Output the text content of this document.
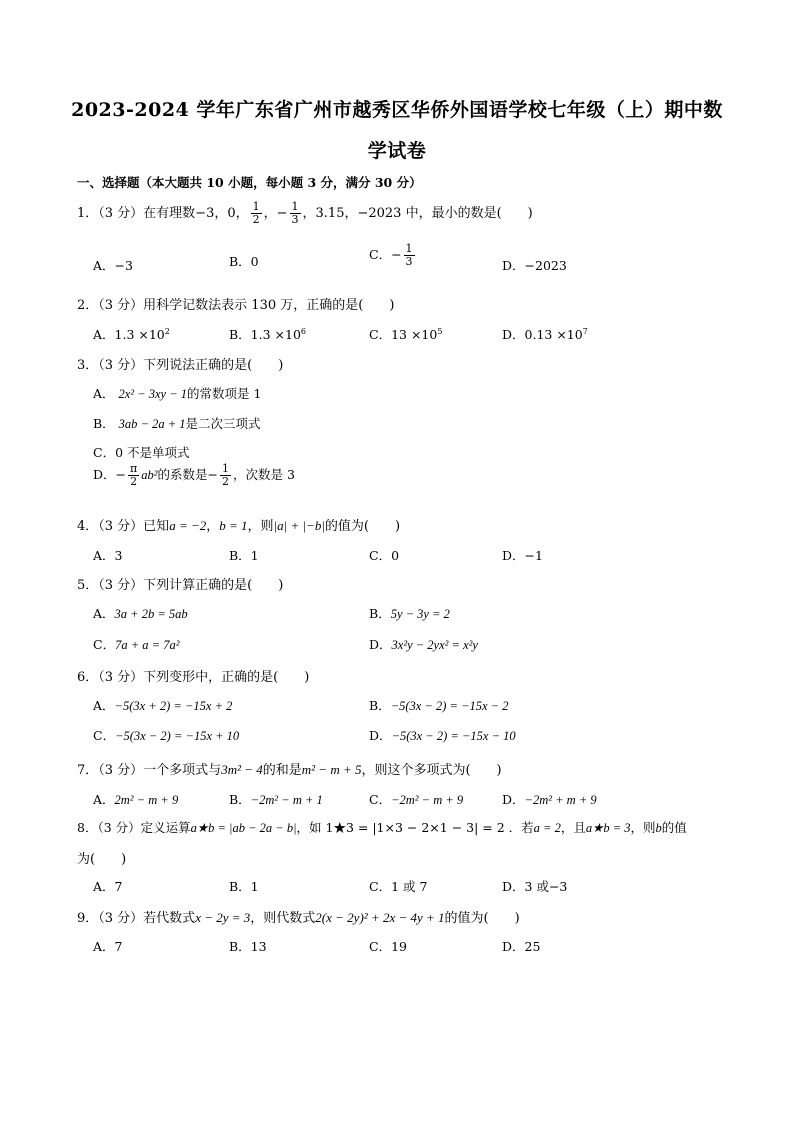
2023-2024 学年广东省广州市越秀区华侨外国语学校七年级（上）期中数
学试卷
一、选择题（本大题共 10 小题，每小题 3 分，满分 30 分）
1．（3 分）在有理数−3，0， $\frac{1}{2}$ ，− $\frac{1}{3}$ ，3.15，−2023 中，最小的数是(　　)
A．−3	B．0	C．− $\frac{1}{3}$	D．−2023
2．（3 分）用科学记数法表示 130 万，正确的是(　　)
A．$1.3 \times 10^2$	B．$1.3 \times 10^6$	C．$13 \times 10^5$	D．$0.13 \times 10^7$
3．（3 分）下列说法正确的是(　　)
A． 2x² − 3xy − 1的常数项是 1
B． 3ab − 2a + 1是二次三项式
C．0 不是单项式
D．− $\frac{\pi}{2} ab^2$的系数是− $\frac{1}{2}$ ，次数是 3
4．（3 分）已知a = −2，b = 1，则|a| + |−b|的值为(　　)
A．3	B．1	C．0	D．−1
5．（3 分）下列计算正确的是(　　)
A．3a + 2b = 5ab	B．5y − 3y = 2
C．7a + a = 7a²	D．3x²y − 2yx² = x²y
6．（3 分）下列变形中，正确的是(　　)
A．−5(3x + 2) = −15x + 2	B．−5(3x − 2) = −15x − 2
C．−5(3x − 2) = −15x + 10	D．−5(3x − 2) = −15x − 10
7．（3 分）一个多项式与3m² − 4的和是m² − m + 5，则这个多项式为(　　)
A．2m² − m + 9	B．−2m² − m + 1	C．−2m² − m + 9	D．−2m² + m + 9
8．（3 分）定义运算a★b = |ab − 2a − b|，如 1★3 = |1×3 − 2×1 − 3| = 2 ．若a = 2，且a★b = 3，则b的值
为(　　)
A．7	B．1	C．1 或 7	D．3 或−3
9．（3 分）若代数式x − 2y = 3，则代数式2(x − 2y)² + 2x − 4y + 1的值为(　　)
A．7	B．13	C．19	D．25
